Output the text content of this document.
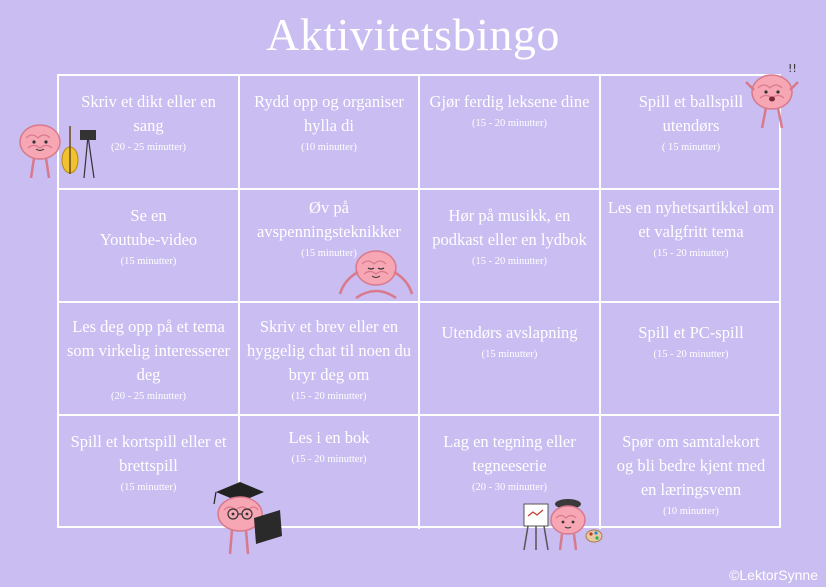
Aktivitetsbingo
Skriv et dikt eller en
sang
(20 - 25 minutter)
Rydd opp og organiser
hylla di
(10 minutter)
Gjør ferdig leksene dine
(15 - 20 minutter)
Spill et ballspill
utendørs
( 15 minutter)
Se en
Youtube-video
(15 minutter)
Øv på
avspenningsteknikker
(15 minutter)
Hør på musikk, en
podkast eller en lydbok
(15 - 20 minutter)
Les en nyhetsartikkel om
et valgfritt tema
(15 - 20 minutter)
Les deg opp på et tema
som virkelig interesserer
deg
(20 - 25 minutter)
Skriv et brev eller en
hyggelig chat til noen du
bryr deg om
(15 - 20 minutter)
Utendørs avslapning
(15 minutter)
Spill et PC-spill
(15 - 20 minutter)
Spill et kortspill eller et
brettspill
(15 minutter)
Les i en bok
(15 - 20 minutter)
Lag en tegning eller
tegneeserie
(20 - 30 minutter)
Spør om samtalekort
og bli bedre kjent med
en læringsvenn
(10 minutter)
!!
©LektorSynne
